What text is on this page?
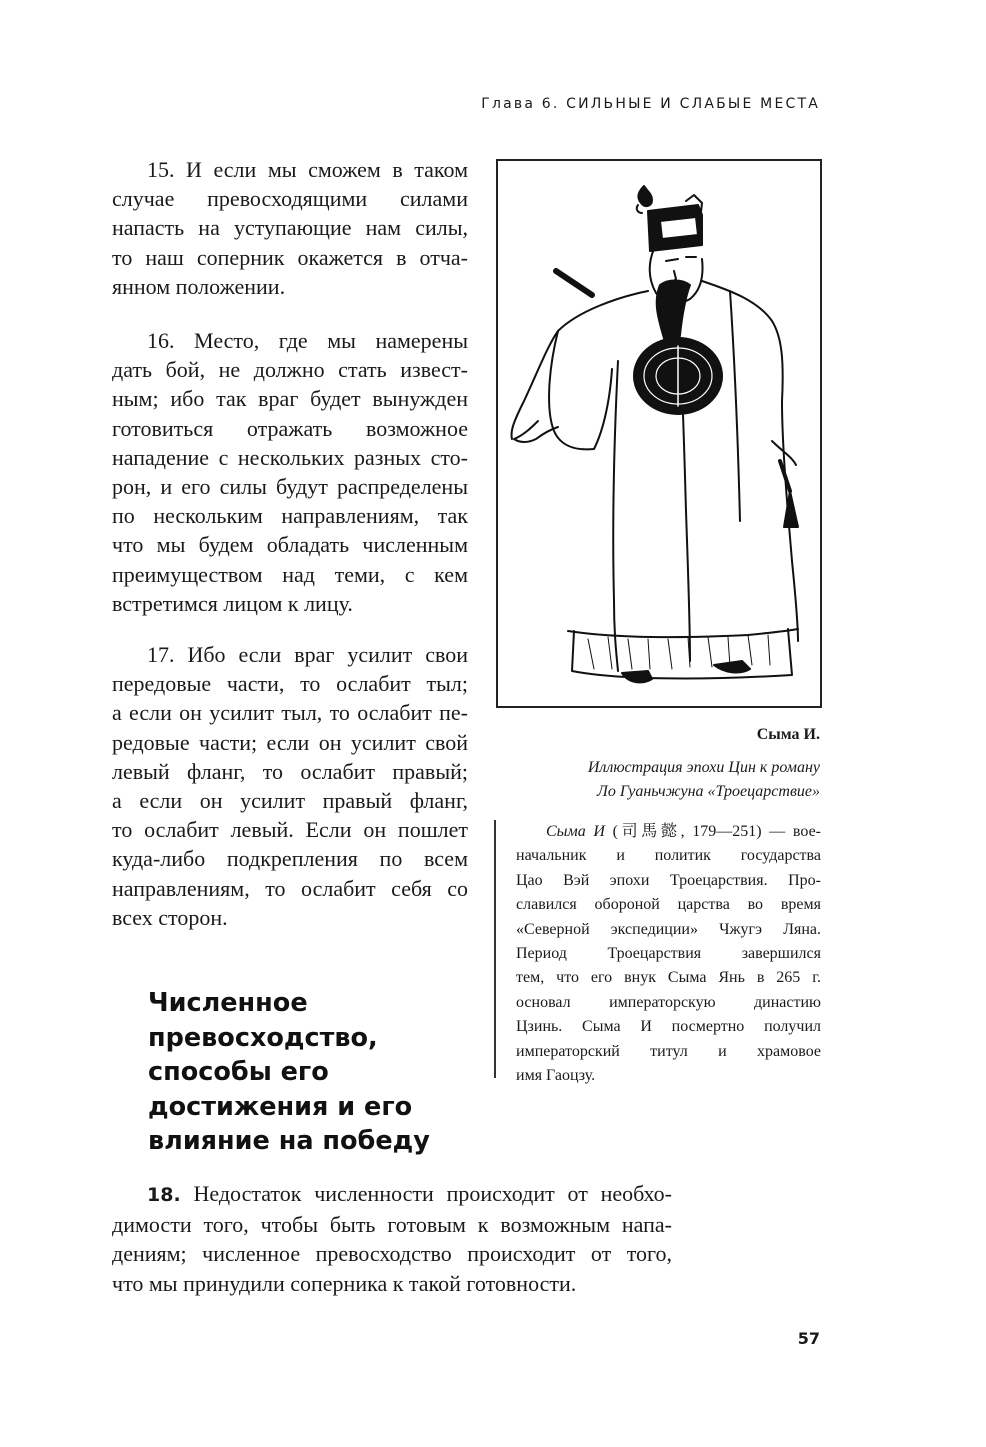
Глава 6. СИЛЬНЫЕ И СЛАБЫЕ МЕСТА
15. И если мы сможем в таком
случае превосходящими силами
напасть на уступающие нам силы,
то наш соперник окажется в отча-
янном положении.
16. Место, где мы намерены
дать бой, не должно стать извест-
ным; ибо так враг будет вынужден
готовиться отражать возможное
нападение с нескольких разных сто-
рон, и его силы будут распределены
по нескольким направлениям, так
что мы будем обладать численным
преимуществом над теми, с кем
встретимся лицом к лицу.
17. Ибо если враг усилит свои
передовые части, то ослабит тыл;
а если он усилит тыл, то ослабит пе-
редовые части; если он усилит свой
левый фланг, то ослабит правый;
а если он усилит правый фланг,
то ослабит левый. Если он пошлет
куда-либо подкрепления по всем
направлениям, то ослабит себя со
всех сторон.
Численное
превосходство,
способы его
достижения и его
влияние на победу
18. Недостаток численности происходит от необхо-
димости того, чтобы быть готовым к возможным напа-
дениям; численное превосходство происходит от того,
что мы принудили соперника к такой готовности.
Сыма И.
Иллюстрация эпохи Цин к роману
Ло Гуаньчжуна «Троецарствие»
Сыма И (司馬懿, 179—251) — вое-
начальник и политик государства
Цао Вэй эпохи Троецарствия. Про-
славился обороной царства во время
«Северной экспедиции» Чжугэ Ляна.
Период Троецарствия завершился
тем, что его внук Сыма Янь в 265 г.
основал императорскую династию
Цзинь. Сыма И посмертно получил
императорский титул и храмовое
имя Гаоцзу.
57
